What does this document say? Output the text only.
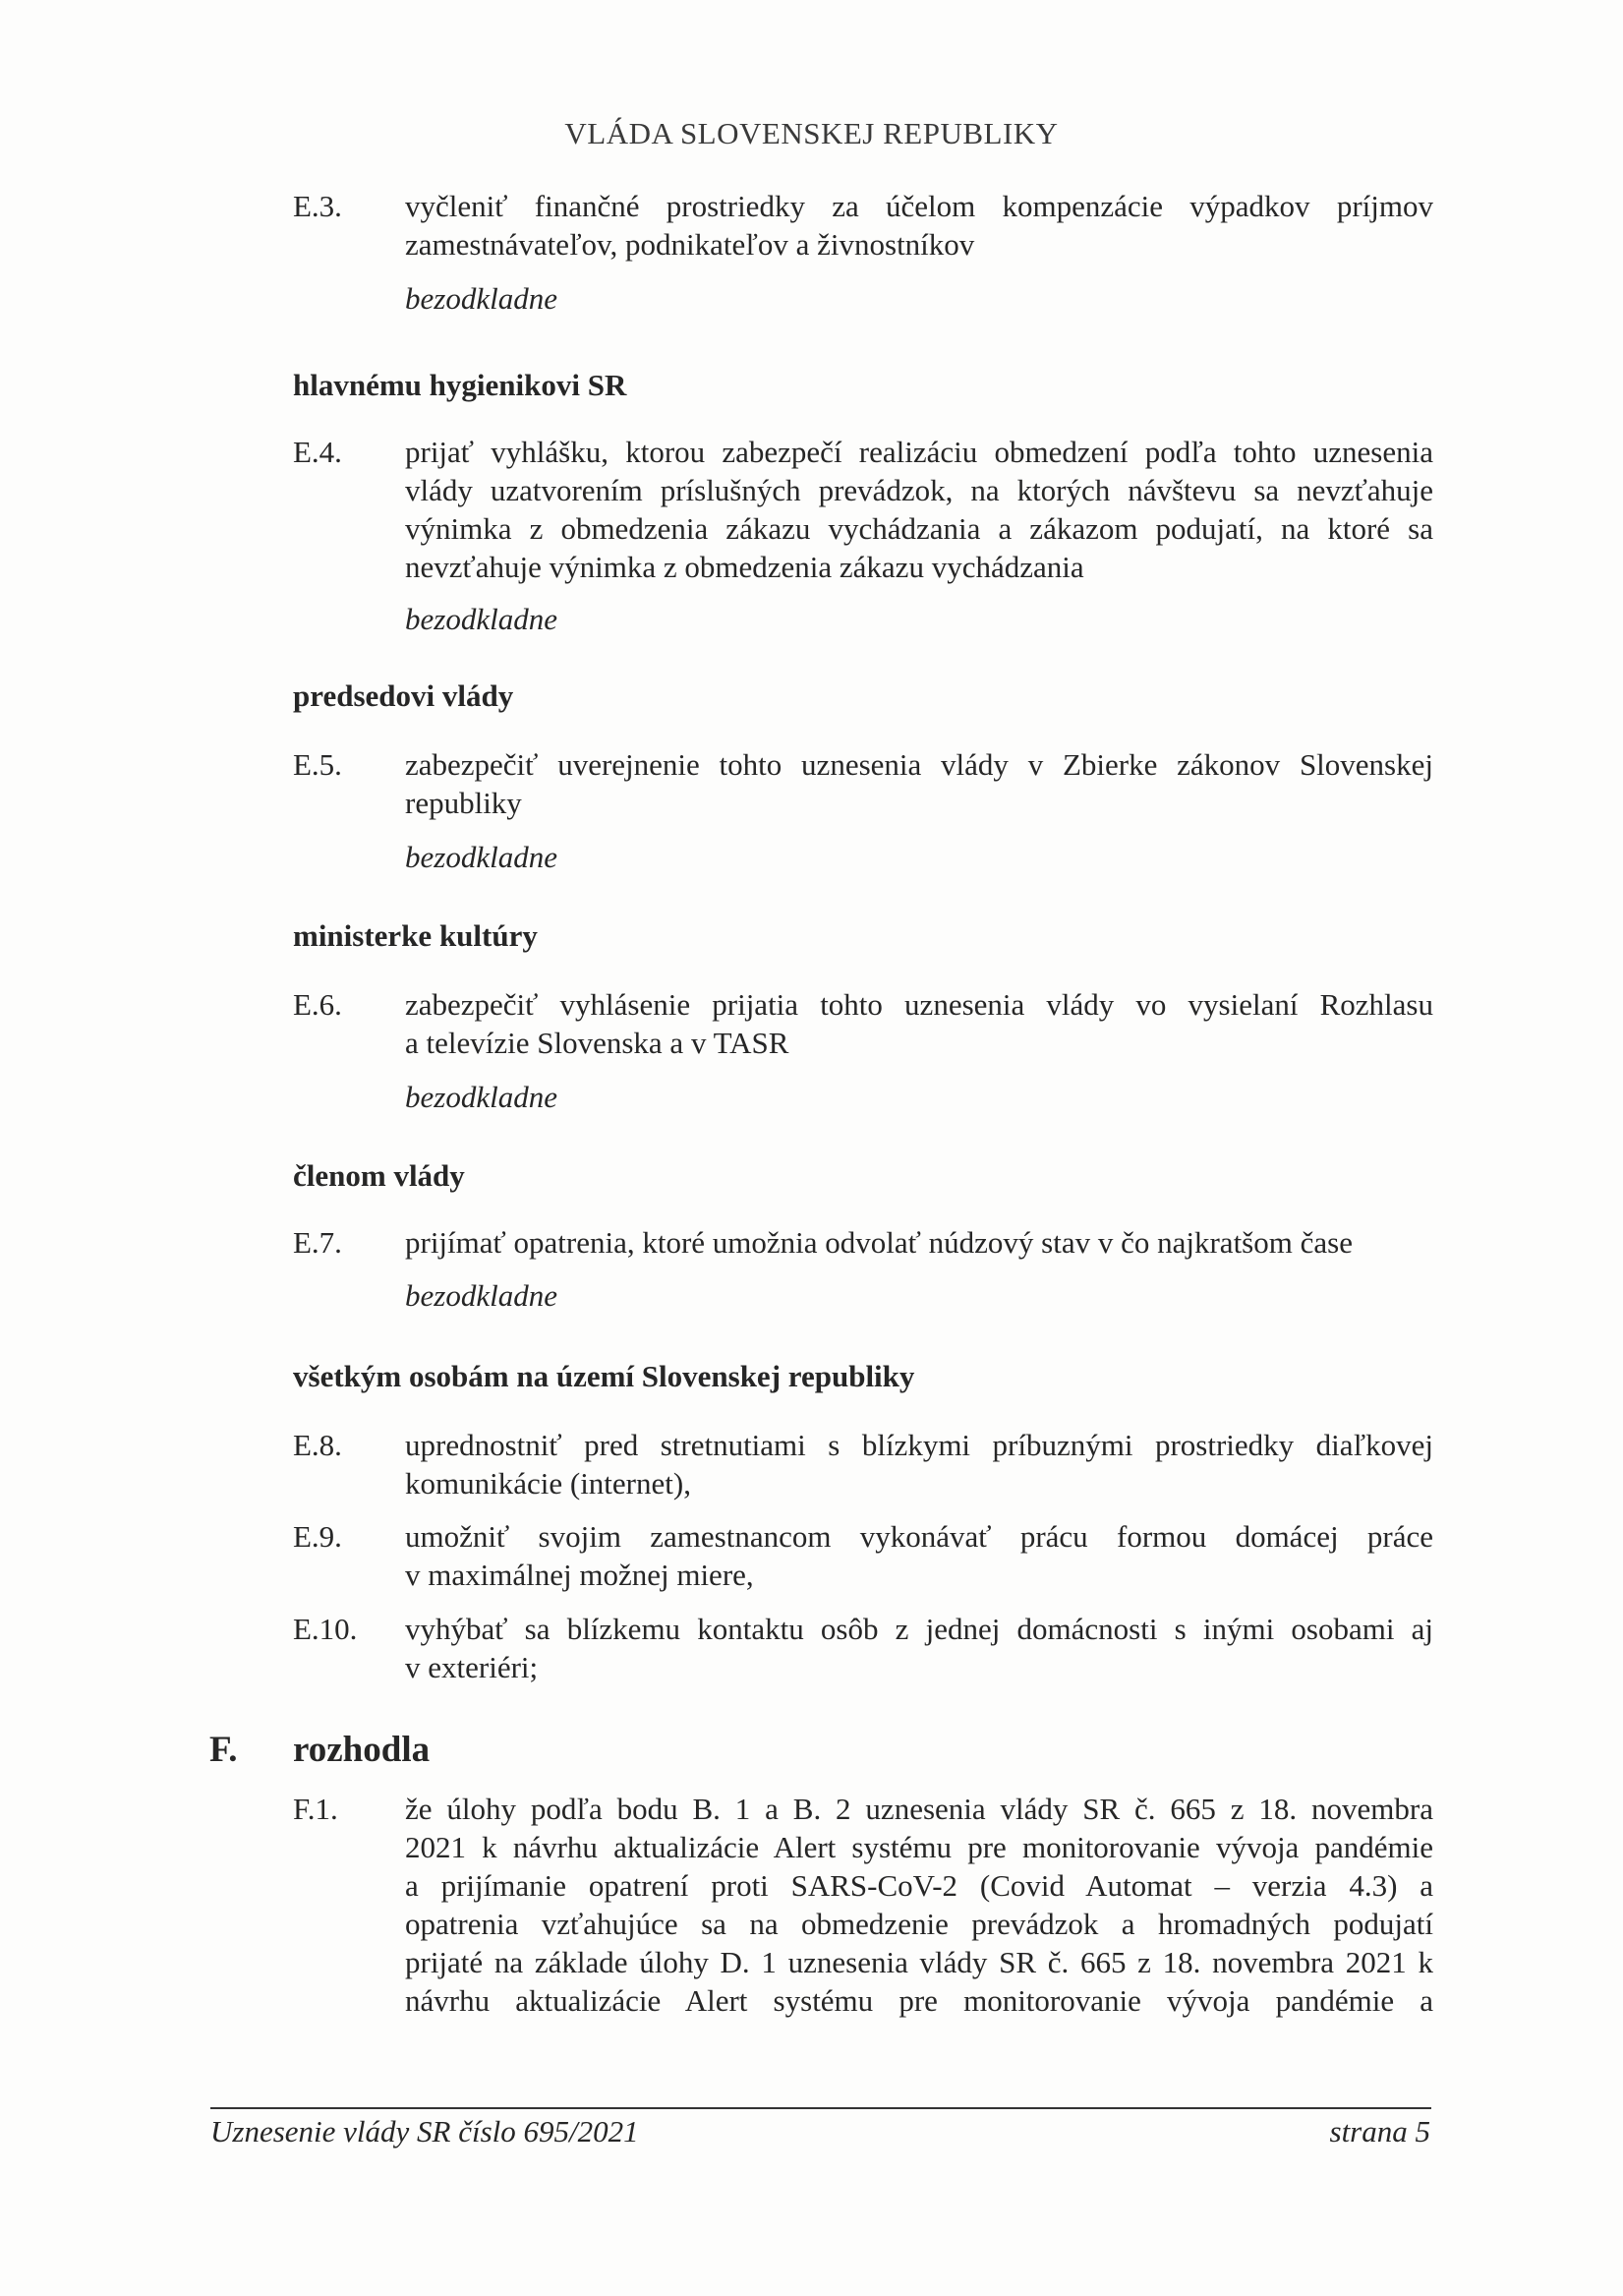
VLÁDA SLOVENSKEJ REPUBLIKY
E.3. vyčleniť finančné prostriedky za účelom kompenzácie výpadkov príjmov
zamestnávateľov, podnikateľov a živnostníkov
bezodkladne
hlavnému hygienikovi SR
E.4. prijať vyhlášku, ktorou zabezpečí realizáciu obmedzení podľa tohto uznesenia
vlády uzatvorením príslušných prevádzok, na ktorých návštevu sa nevzťahuje
výnimka z obmedzenia zákazu vychádzania a zákazom podujatí, na ktoré sa
nevzťahuje výnimka z obmedzenia zákazu vychádzania
bezodkladne
predsedovi vlády
E.5. zabezpečiť uverejnenie tohto uznesenia vlády v Zbierke zákonov Slovenskej
republiky
bezodkladne
ministerke kultúry
E.6. zabezpečiť vyhlásenie prijatia tohto uznesenia vlády vo vysielaní Rozhlasu
a televízie Slovenska a v TASR
bezodkladne
členom vlády
E.7. prijímať opatrenia, ktoré umožnia odvolať núdzový stav v čo najkratšom čase
bezodkladne
všetkým osobám na území Slovenskej republiky
E.8. uprednostniť pred stretnutiami s blízkymi príbuznými prostriedky diaľkovej
komunikácie (internet),
E.9. umožniť svojim zamestnancom vykonávať prácu formou domácej práce
v maximálnej možnej miere,
E.10. vyhýbať sa blízkemu kontaktu osôb z jednej domácnosti s inými osobami aj
v exteriéri;
F. rozhodla
F.1. že úlohy podľa bodu B. 1 a B. 2 uznesenia vlády SR č. 665 z 18. novembra
2021 k návrhu aktualizácie Alert systému pre monitorovanie vývoja pandémie
a prijímanie opatrení proti SARS-CoV-2 (Covid Automat – verzia 4.3) a
opatrenia vzťahujúce sa na obmedzenie prevádzok a hromadných podujatí
prijaté na základe úlohy D. 1 uznesenia vlády SR č. 665 z 18. novembra 2021 k
návrhu aktualizácie Alert systému pre monitorovanie vývoja pandémie a
Uznesenie vlády SR číslo 695/2021	strana 5
